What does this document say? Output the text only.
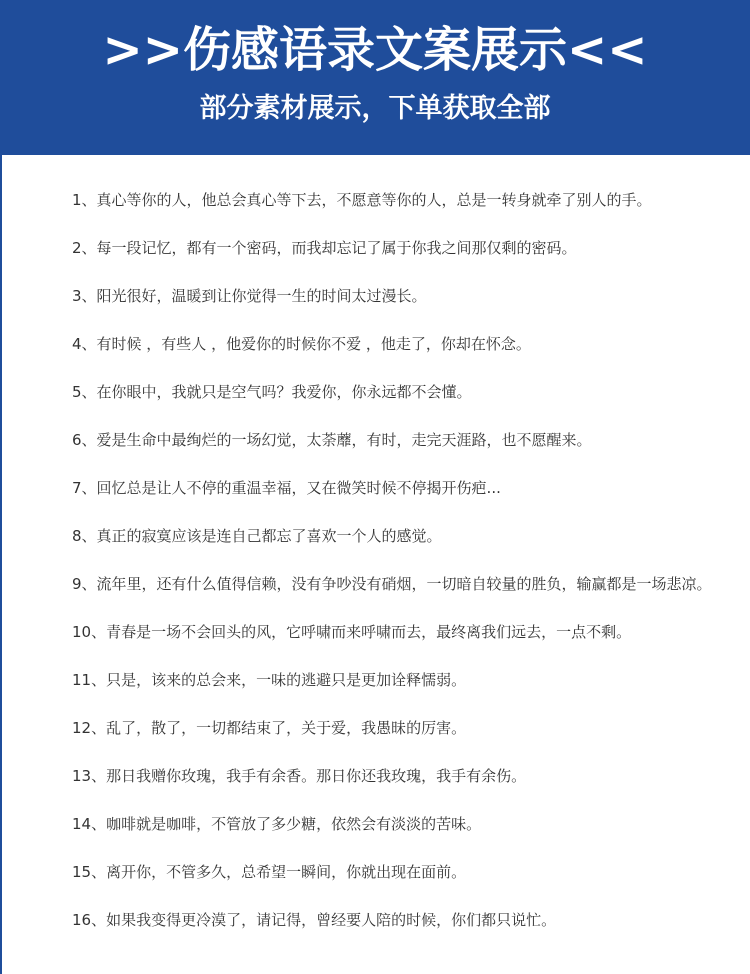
>>伤感语录文案展示<<
部分素材展示，下单获取全部

1、真心等你的人，他总会真心等下去，不愿意等你的人，总是一转身就牵了别人的手。

2、每一段记忆，都有一个密码，而我却忘记了属于你我之间那仅剩的密码。

3、阳光很好，温暖到让你觉得一生的时间太过漫长。

4、有时候 ，有些人 ，他爱你的时候你不爱 ，他走了，你却在怀念。

5、在你眼中，我就只是空气吗？我爱你，你永远都不会懂。

6、爱是生命中最绚烂的一场幻觉，太荼蘼，有时，走完天涯路，也不愿醒来。

7、回忆总是让人不停的重温幸福，又在微笑时候不停揭开伤疤...

8、真正的寂寞应该是连自己都忘了喜欢一个人的感觉。

9、流年里，还有什么值得信赖，没有争吵没有硝烟，一切暗自较量的胜负，输赢都是一场悲凉。

10、青春是一场不会回头的风，它呼啸而来呼啸而去，最终离我们远去，一点不剩。

11、只是，该来的总会来，一味的逃避只是更加诠释懦弱。

12、乱了，散了，一切都结束了，关于爱，我愚昧的厉害。

13、那日我赠你玫瑰，我手有余香。那日你还我玫瑰，我手有余伤。

14、咖啡就是咖啡，不管放了多少糖，依然会有淡淡的苦味。

15、离开你，不管多久，总希望一瞬间，你就出现在面前。

16、如果我变得更冷漠了，请记得，曾经要人陪的时候，你们都只说忙。
